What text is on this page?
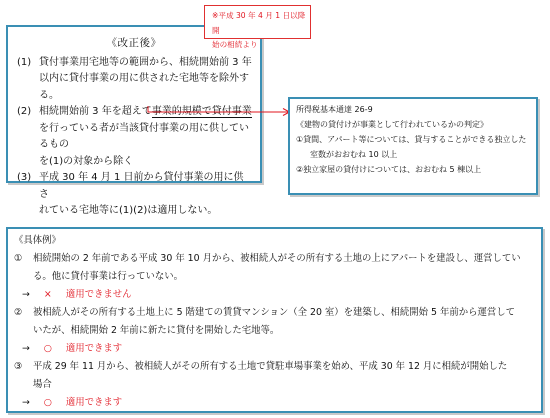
《改正後》
(1) 貸付事業用宅地等の範囲から、相続開始前 3 年
以内に貸付事業の用に供された宅地等を除外する。
(2) 相続開始前 3 年を超えて事業的規模で貸付事業
を行っている者が当該貸付事業の用に供しているもの
を(1)の対象から除く
(3) 平成 30 年 4 月 1 日前から貸付事業の用に供さ
れている宅地等に(1)(2)は適用しない。
※平成 30 年 4 月 1 日以降開
始の相続より
所得税基本通達 26-9
《建物の貸付けが事業として行われているかの判定》
①貸間、アパート等については、貸与することができる独立した
室数がおおむね 10 以上
②独立家屋の貸付けについては、おおむね 5 棟以上
《具体例》
①	相続開始の 2 年前である平成 30 年 10 月から、被相続人がその所有する土地の上にアパートを建設し、運営してい
る。他に貸付事業は行っていない。
→ × 適用できません
②	被相続人がその所有する土地上に 5 階建ての賃貸マンション（全 20 室）を建築し、相続開始 5 年前から運営して
いたが、相続開始 2 年前に新たに貸付を開始した宅地等。
→ ○ 適用できます
③	平成 29 年 11 月から、被相続人がその所有する土地で貸駐車場事業を始め、平成 30 年 12 月に相続が開始した
場合
→ ○ 適用できます
